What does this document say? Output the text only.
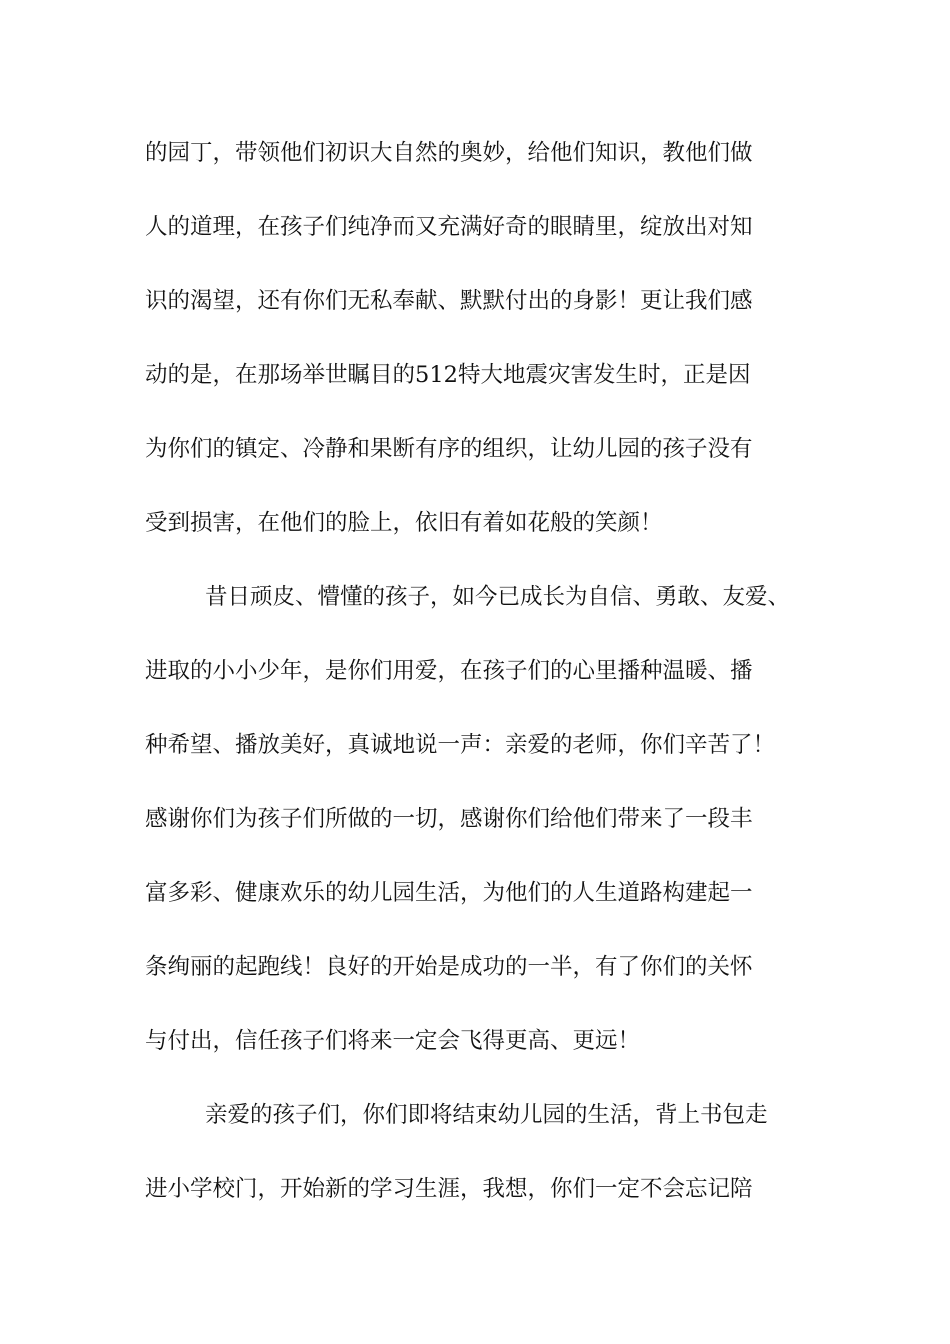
的园丁，带领他们初识大自然的奥妙，给他们知识，教他们做
人的道理，在孩子们纯净而又充满好奇的眼睛里，绽放出对知
识的渴望，还有你们无私奉献、默默付出的身影！更让我们感
动的是，在那场举世瞩目的512特大地震灾害发生时，正是因
为你们的镇定、冷静和果断有序的组织，让幼儿园的孩子没有
受到损害，在他们的脸上，依旧有着如花般的笑颜！
昔日顽皮、懵懂的孩子，如今已成长为自信、勇敢、友爱、
进取的小小少年，是你们用爱，在孩子们的心里播种温暖、播
种希望、播放美好，真诚地说一声：亲爱的老师，你们辛苦了！
感谢你们为孩子们所做的一切，感谢你们给他们带来了一段丰
富多彩、健康欢乐的幼儿园生活，为他们的人生道路构建起一
条绚丽的起跑线！良好的开始是成功的一半，有了你们的关怀
与付出，信任孩子们将来一定会飞得更高、更远！
亲爱的孩子们，你们即将结束幼儿园的生活，背上书包走
进小学校门，开始新的学习生涯，我想，你们一定不会忘记陪
